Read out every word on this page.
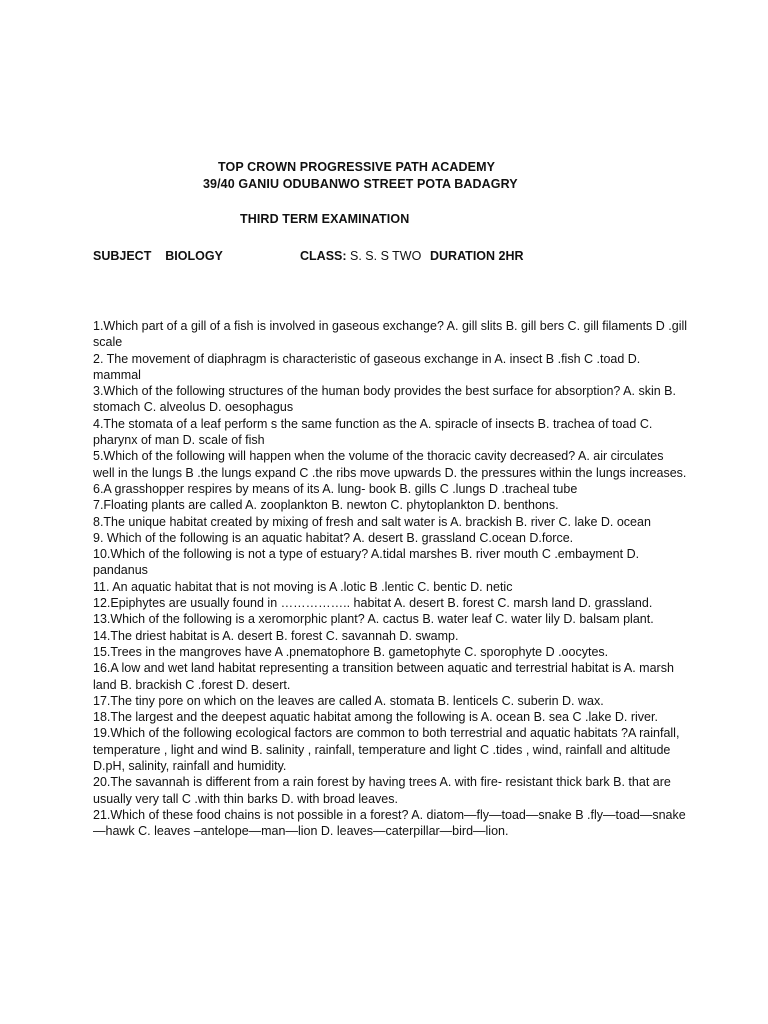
TOP CROWN PROGRESSIVE PATH ACADEMY
39/40 GANIU ODUBANWO STREET POTA BADAGRY
THIRD TERM EXAMINATION
SUBJECT BIOLOGY	CLASS: S. S. S TWO DURATION 2HR

1.Which part of a gill of a fish is involved in gaseous exchange? A. gill slits B. gill bers C. gill filaments D .gill scale

2. The movement of diaphragm is characteristic of gaseous exchange in A. insect B .fish C .toad D. mammal

3.Which of the following structures of the human body provides the best surface for absorption? A. skin B. stomach C. alveolus D. oesophagus

4.The stomata of a leaf perform s the same function as the A. spiracle of insects B. trachea of toad C. pharynx of man D. scale of fish

5.Which of the following will happen when the volume of the thoracic cavity decreased? A. air circulates well in the lungs B .the lungs expand C .the ribs move upwards D. the pressures within the lungs increases.

6.A grasshopper respires by means of its A. lung- book B. gills C .lungs D .tracheal tube

7.Floating plants are called A. zooplankton B. newton C. phytoplankton D. benthons.

8.The unique habitat created by mixing of fresh and salt water is A. brackish B. river C. lake D. ocean

9. Which of the following is an aquatic habitat? A. desert B. grassland C.ocean D.force.

10.Which of the following is not a type of estuary? A.tidal marshes B. river mouth C .embayment D. pandanus

11. An aquatic habitat that is not moving is A .lotic B .lentic C. bentic D. netic

12.Epiphytes are usually found in …………….. habitat A. desert B. forest C. marsh land D. grassland.

13.Which of the following is a xeromorphic plant? A. cactus B. water leaf C. water lily D. balsam plant.

14.The driest habitat is A. desert B. forest C. savannah D. swamp.

15.Trees in the mangroves have A .pnematophore B. gametophyte C. sporophyte D .oocytes.

16.A low and wet land habitat representing a transition between aquatic and terrestrial habitat is A. marsh land B. brackish C .forest D. desert.

17.The tiny pore on which on the leaves are called A. stomata B. lenticels C. suberin D. wax.

18.The largest and the deepest aquatic habitat among the following is A. ocean B. sea C .lake D. river.

19.Which of the following ecological factors are common to both terrestrial and aquatic habitats ?A rainfall, temperature , light and wind B. salinity , rainfall, temperature and light C .tides , wind, rainfall and altitude D.pH, salinity, rainfall and humidity.

20.The savannah is different from a rain forest by having trees A. with fire- resistant thick bark B. that are usually very tall C .with thin barks D. with broad leaves.

21.Which of these food chains is not possible in a forest? A. diatom—fly—toad—snake B .fly—toad—snake—hawk C. leaves –antelope—man—lion D. leaves—caterpillar—bird—lion.
